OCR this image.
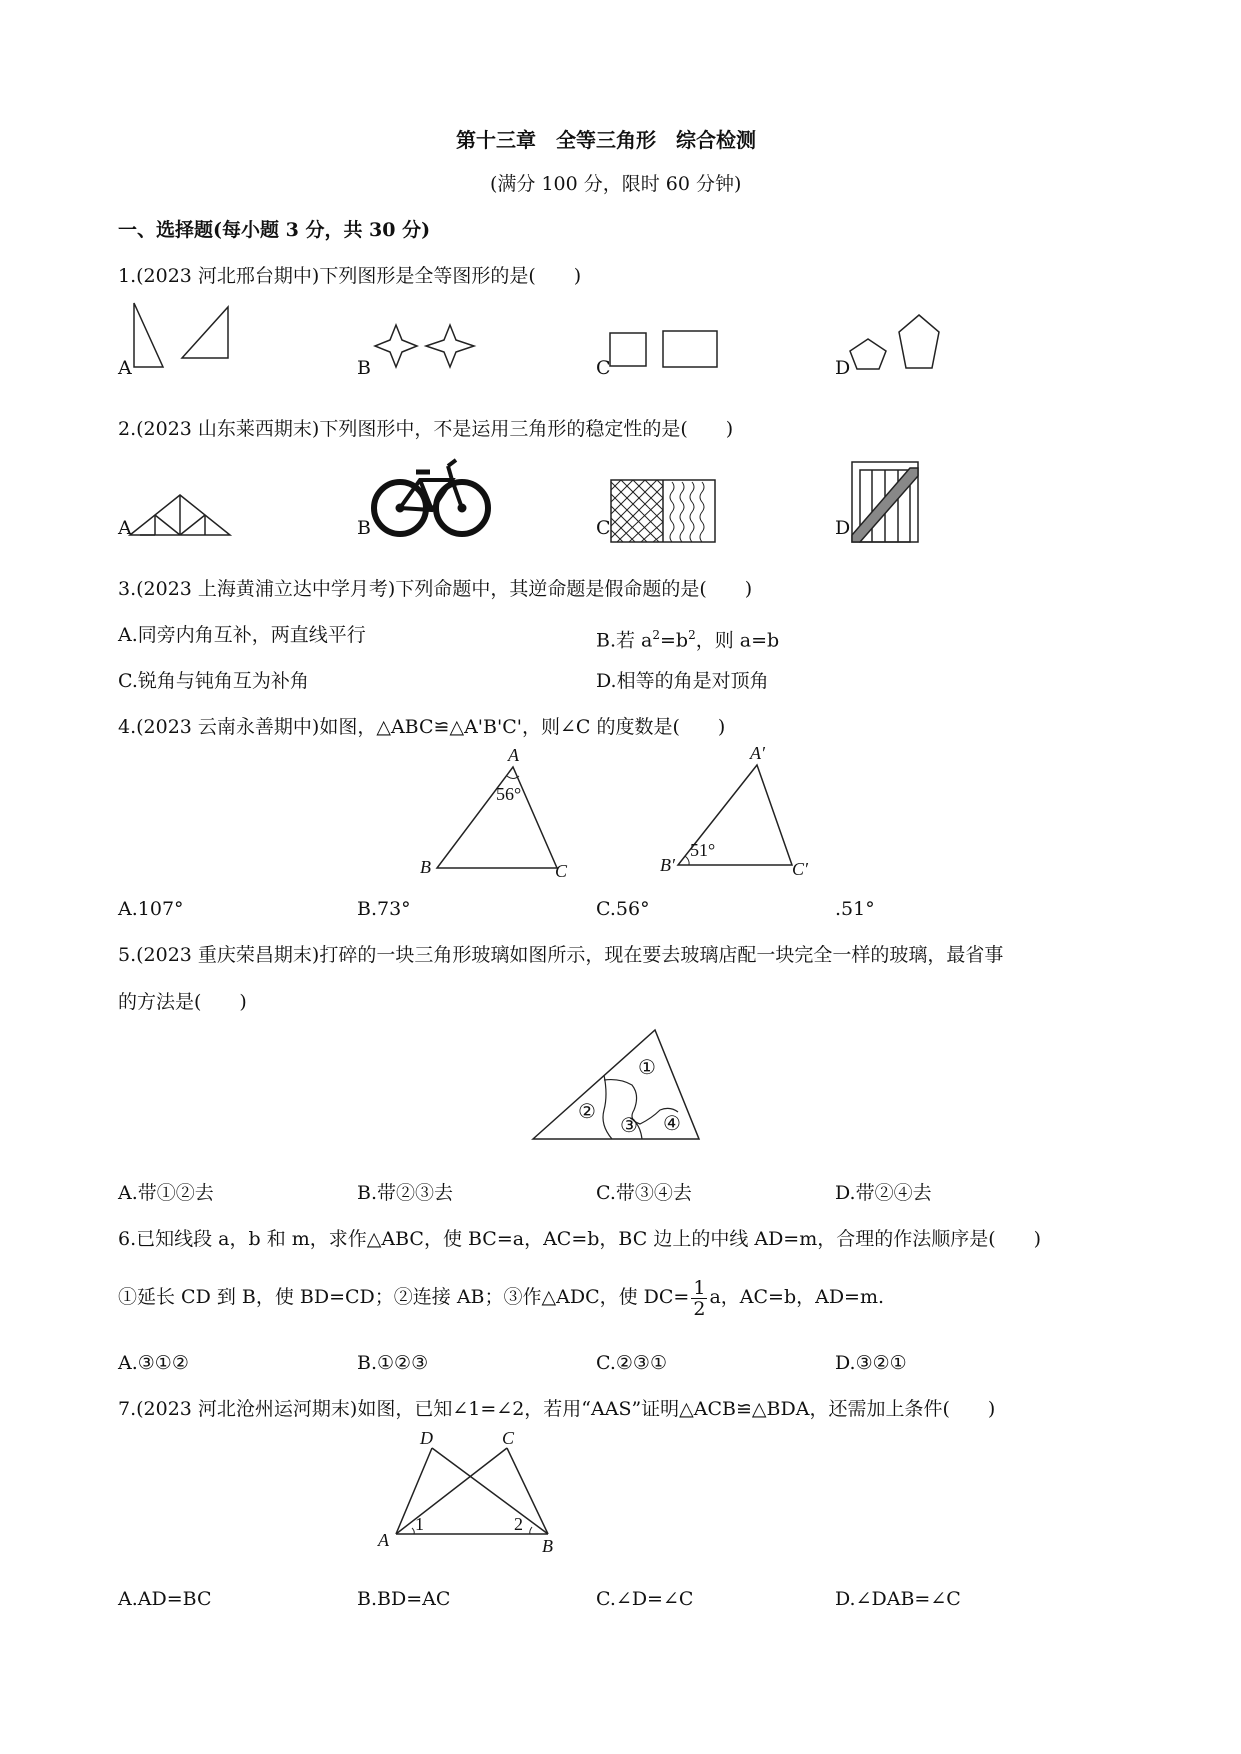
第十三章　全等三角形　综合检测
(满分 100 分，限时 60 分钟)
一、选择题(每小题 3 分，共 30 分)
1.(2023 河北邢台期中)下列图形是全等图形的是(　　)
A	B	C	D
2.(2023 山东莱西期末)下列图形中，不是运用三角形的稳定性的是(　　)
A	B	C	D
3.(2023 上海黄浦立达中学月考)下列命题中，其逆命题是假命题的是(　　)
A.同旁内角互补，两直线平行	B.若 $a^2=b^2$，则 a=b
C.锐角与钝角互为补角	D.相等的角是对顶角
4.(2023 云南永善期中)如图，△ABC≌△A'B'C'，则∠C 的度数是(　　)
A
B	C
56°
A′
B′	C′
51°
A.107°	B.73°	C.56°	.51°
5.(2023 重庆荣昌期末)打碎的一块三角形玻璃如图所示，现在要去玻璃店配一块完全一样的玻璃，最省事
的方法是(　　)
①
②
③ ④
A.带①②去	B.带②③去	C.带③④去	D.带②④去
6.已知线段 a，b 和 m，求作△ABC，使 BC=a，AC=b，BC 边上的中线 AD=m，合理的作法顺序是(　　)
①延长 CD 到 B，使 BD=CD；②连接 AB；③作△ADC，使 $DC= \frac{1}{2}$ a，AC=b，AD=m.
A.③①②	B.①②③	C.②③①	D.③②①
7.(2023 河北沧州运河期末)如图，已知∠1=∠2，若用“AAS”证明△ACB≌△BDA，还需加上条件(　　)
A	B
C
D
1	2
A.AD=BC	B.BD=AC	C.∠D=∠C	D.∠DAB=∠C
